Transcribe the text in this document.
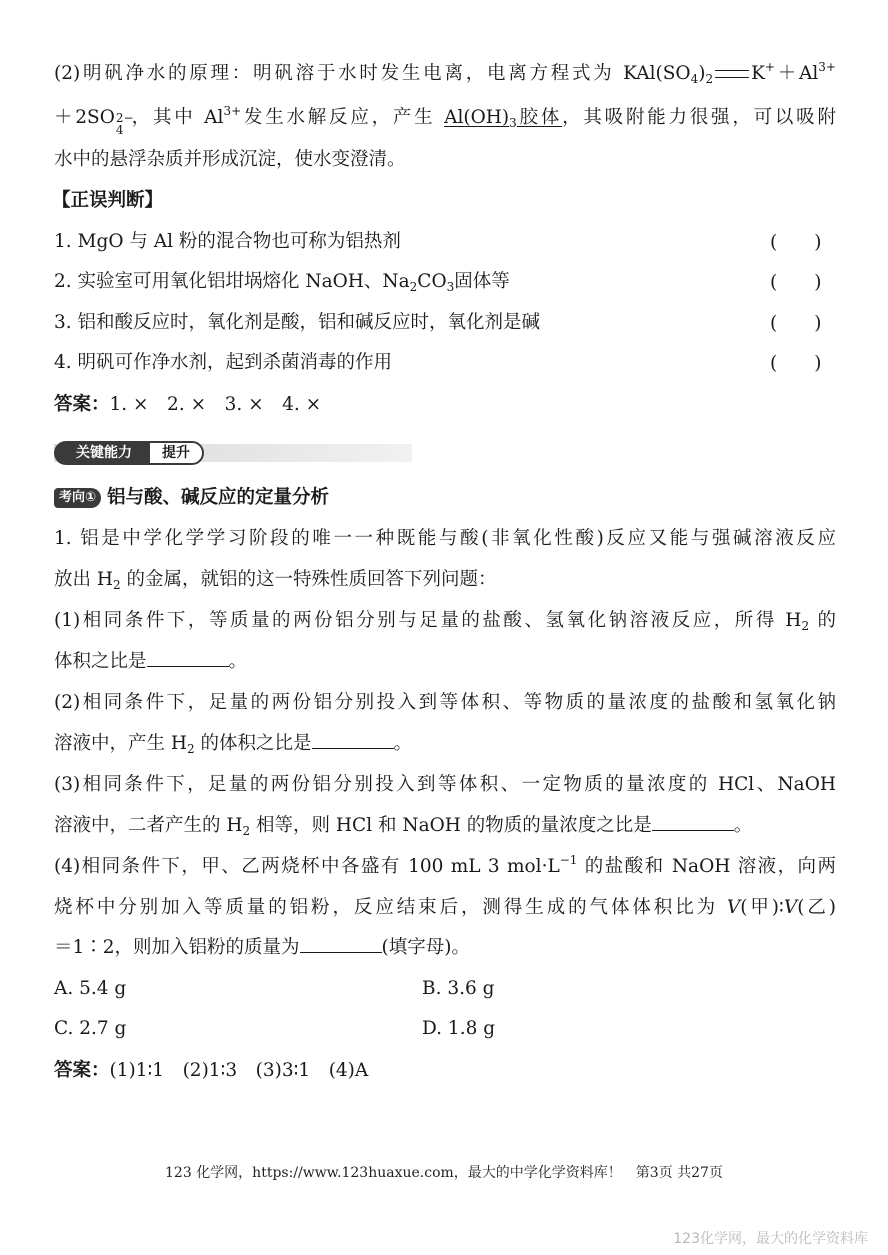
(2)明矾净水的原理：明矾溶于水时发生电离，电离方程式为 $KAl(SO_4)_2$ $K^++Al^{3+}$
＋2SO 2−
4
，其中 $Al^{3+}$发生水解反应，产生 $Al(OH)_3$胶体，其吸附能力很强，可以吸附
水中的悬浮杂质并形成沉淀，使水变澄清。
【正误判断】
1. MgO 与 Al 粉的混合物也可称为铝热剂	(　　)
2. 实验室可用氧化铝坩埚熔化 NaOH、$Na_2CO_3$固体等	(　　)
3. 铝和酸反应时，氧化剂是酸，铝和碱反应时，氧化剂是碱	(　　)
4. 明矾可作净水剂，起到杀菌消毒的作用	(　　)
答案：1. ×　2. ×　3. ×　4. ×
关键能力	提升
考向① 铝与酸、碱反应的定量分析
1. 铝是中学化学学习阶段的唯一一种既能与酸(非氧化性酸)反应又能与强碱溶液反应
放出 $H_2$ 的金属，就铝的这一特殊性质回答下列问题：
(1)相同条件下，等质量的两份铝分别与足量的盐酸、氢氧化钠溶液反应，所得 $H_2$ 的
体积之比是	。
(2)相同条件下，足量的两份铝分别投入到等体积、等物质的量浓度的盐酸和氢氧化钠
溶液中，产生 $H_2$ 的体积之比是	。
(3)相同条件下，足量的两份铝分别投入到等体积、一定物质的量浓度的 HCl、NaOH
溶液中，二者产生的 $H_2$ 相等，则 HCl 和 NaOH 的物质的量浓度之比是	。
(4)相同条件下，甲、乙两烧杯中各盛有 100 mL 3 $mol\cdot L^{-1}$ 的盐酸和 NaOH 溶液，向两
烧杯中分别加入等质量的铝粉，反应结束后，测得生成的气体体积比为 V(甲)∶V(乙)
＝1∶2，则加入铝粉的质量为	(填字母)。
A. 5.4 g	B. 3.6 g
C. 2.7 g	D. 1.8 g
答案：(1)1∶1　(2)1∶3　(3)3∶1　(4)A
123 化学网，https://www.123huaxue.com，最大的中学化学资料库！　第3页 共27页
123化学网，最大的化学资料库
